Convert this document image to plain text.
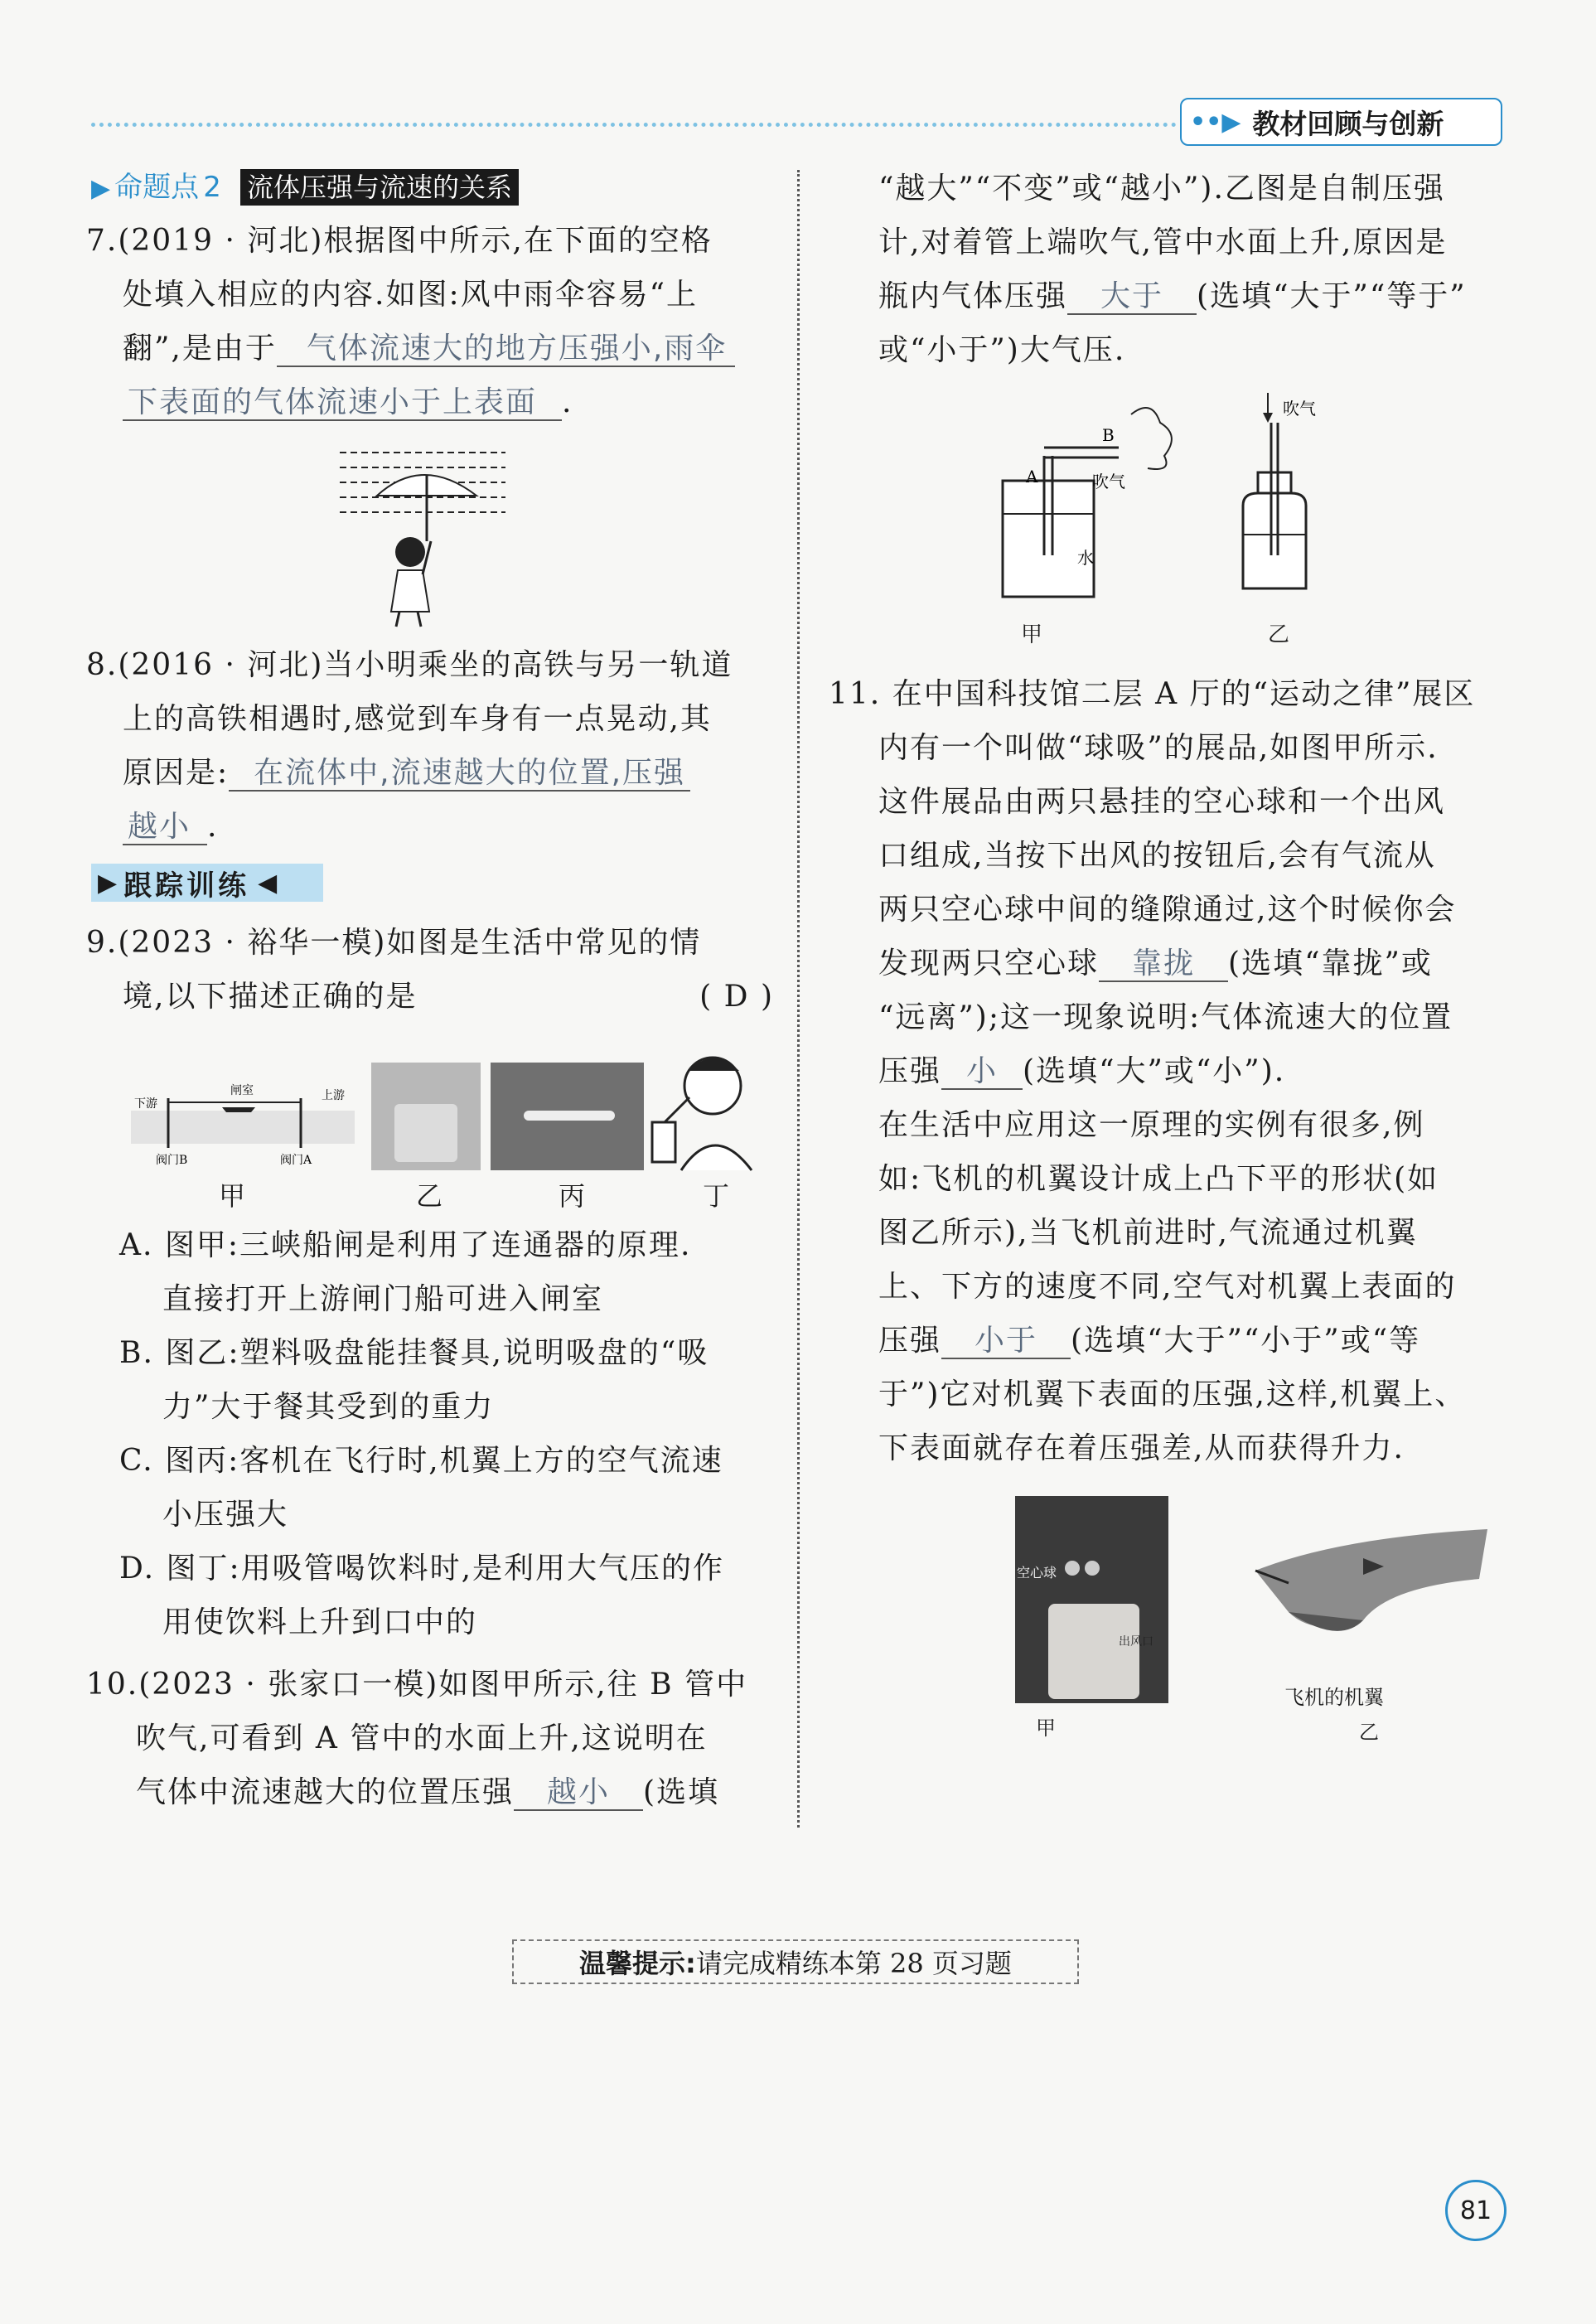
••▶ 教材回顾与创新
▶ 命题点 2 流体压强与流速的关系
7.(2019 · 河北)根据图中所示,在下面的空格
处填入相应的内容.如图:风中雨伞容易“上
翻”,是由于 气体流速大的地方压强小,雨伞
下表面的气体流速小于上表面 .
8.(2016 · 河北)当小明乘坐的高铁与另一轨道
上的高铁相遇时,感觉到车身有一点晃动,其
原因是: 在流体中,流速越大的位置,压强
越小 .
▶ 跟踪训练 ◀
9.(2023 · 裕华一模)如图是生活中常见的情
境,以下描述正确的是	( D )
闸室	上游
下游
阀门B	阀门A
甲	乙	丙	丁
A. 图甲:三峡船闸是利用了连通器的原理.
直接打开上游闸门船可进入闸室
B. 图乙:塑料吸盘能挂餐具,说明吸盘的“吸
力”大于餐其受到的重力
C. 图丙:客机在飞行时,机翼上方的空气流速
小压强大
D. 图丁:用吸管喝饮料时,是利用大气压的作
用使饮料上升到口中的
10.(2023 · 张家口一模)如图甲所示,往 B 管中
吹气,可看到 A 管中的水面上升,这说明在
气体中流速越大的位置压强 越小 (选填
“越大”“不变”或“越小”).乙图是自制压强
计,对着管上端吹气,管中水面上升,原因是
瓶内气体压强 大于 (选填“大于”“等于”
或“小于”)大气压.
B
A	吹气
水
吹气
甲	乙
11. 在中国科技馆二层 A 厅的“运动之律”展区
内有一个叫做“球吸”的展品,如图甲所示.
这件展品由两只悬挂的空心球和一个出风
口组成,当按下出风的按钮后,会有气流从
两只空心球中间的缝隙通过,这个时候你会
发现两只空心球 靠拢 (选填“靠拢”或
“远离”);这一现象说明:气体流速大的位置
压强 小 (选填“大”或“小”).
在生活中应用这一原理的实例有很多,例
如:飞机的机翼设计成上凸下平的形状(如
图乙所示),当飞机前进时,气流通过机翼
上、下方的速度不同,空气对机翼上表面的
压强 小于 (选填“大于”“小于”或“等
于”)它对机翼下表面的压强,这样,机翼上、
下表面就存在着压强差,从而获得升力.
空心球
出风口
飞机的机翼
甲	乙
温馨提示: 请完成精练本第 28 页习题
81
